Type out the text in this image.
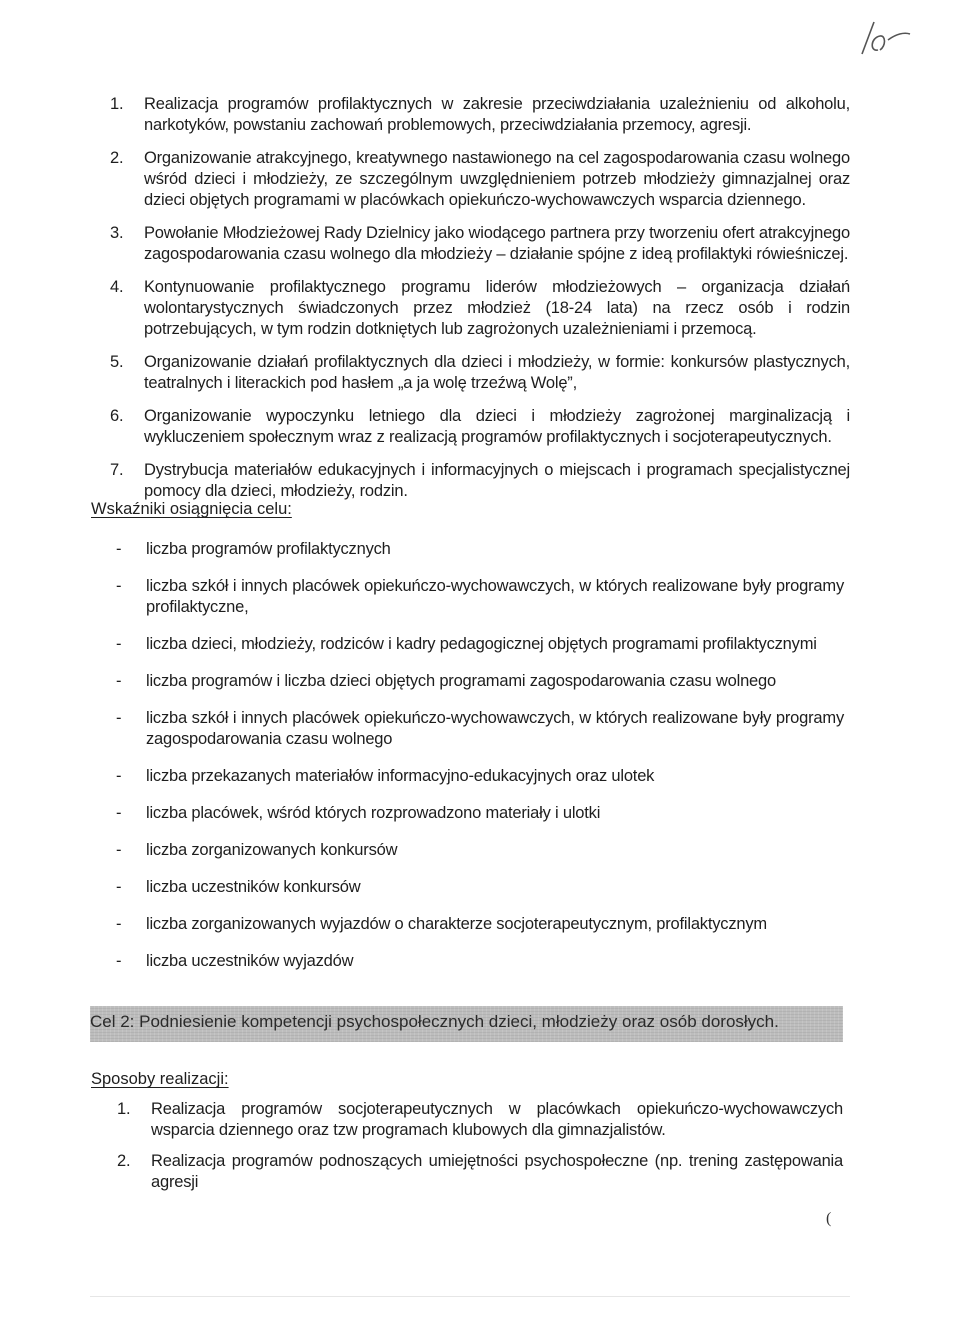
1. Realizacja programów profilaktycznych w zakresie przeciwdziałania uzależnieniu od alkoholu, narkotyków, powstaniu zachowań problemowych, przeciwdziałania przemocy, agresji.
2. Organizowanie atrakcyjnego, kreatywnego nastawionego na cel zagospodarowania czasu wolnego wśród dzieci i młodzieży, ze szczególnym uwzględnieniem potrzeb młodzieży gimnazjalnej oraz dzieci objętych programami w placówkach opiekuńczo-wychowawczych wsparcia dziennego.
3. Powołanie Młodzieżowej Rady Dzielnicy jako wiodącego partnera przy tworzeniu ofert atrakcyjnego zagospodarowania czasu wolnego dla młodzieży – działanie spójne z ideą profilaktyki rówieśniczej.
4. Kontynuowanie profilaktycznego programu liderów młodzieżowych – organizacja działań wolontarystycznych świadczonych przez młodzież (18-24 lata) na rzecz osób i rodzin potrzebujących, w tym rodzin dotkniętych lub zagrożonych uzależnieniami i przemocą.
5. Organizowanie działań profilaktycznych dla dzieci i młodzieży, w formie: konkursów plastycznych, teatralnych i literackich pod hasłem „a ja wolę trzeźwą Wolę”,
6. Organizowanie wypoczynku letniego dla dzieci i młodzieży zagrożonej marginalizacją i wykluczeniem społecznym wraz z realizacją programów profilaktycznych i socjoterapeutycznych.
7. Dystrybucja materiałów edukacyjnych i informacyjnych o miejscach i programach specjalistycznej pomocy dla dzieci, młodzieży, rodzin.
Wskaźniki osiągnięcia celu:
- liczba programów profilaktycznych
- liczba szkół i innych placówek opiekuńczo-wychowawczych, w których realizowane były programy profilaktyczne,
- liczba dzieci, młodzieży, rodziców i kadry pedagogicznej objętych programami profilaktycznymi
- liczba programów i liczba dzieci objętych programami zagospodarowania czasu wolnego
- liczba szkół i innych placówek opiekuńczo-wychowawczych, w których realizowane były programy zagospodarowania czasu wolnego
- liczba przekazanych materiałów informacyjno-edukacyjnych oraz ulotek
- liczba placówek, wśród których rozprowadzono materiały i ulotki
- liczba zorganizowanych konkursów
- liczba uczestników konkursów
- liczba zorganizowanych wyjazdów o charakterze socjoterapeutycznym, profilaktycznym
- liczba uczestników wyjazdów
Cel 2: Podniesienie kompetencji psychospołecznych dzieci, młodzieży oraz osób dorosłych.
Sposoby realizacji:
1. Realizacja programów socjoterapeutycznych w placówkach opiekuńczo-wychowawczych wsparcia dziennego oraz tzw programach klubowych dla gimnazjalistów.
2. Realizacja programów podnoszących umiejętności psychospołeczne (np. trening zastępowania agresji
(
